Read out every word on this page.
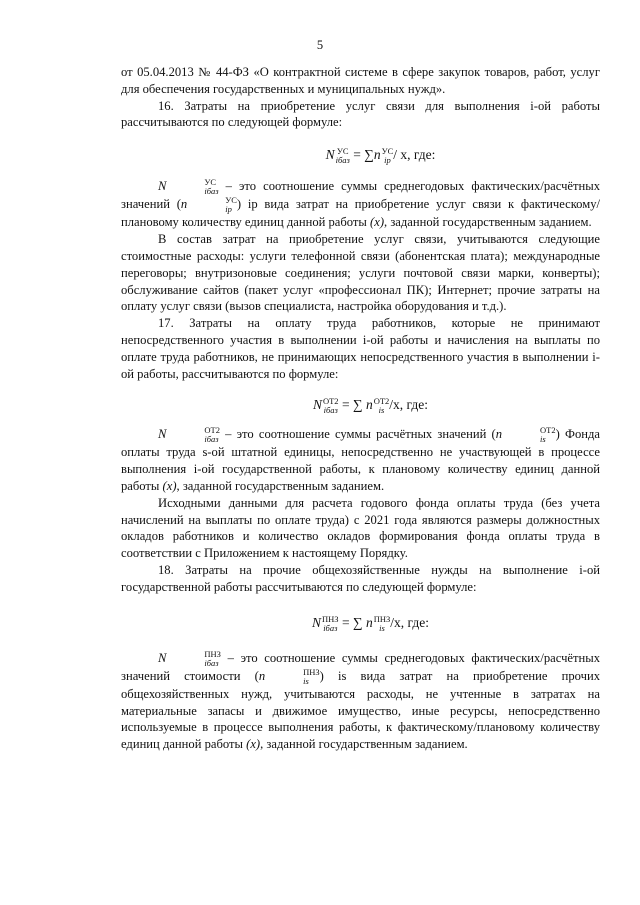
5

от 05.04.2013 № 44-ФЗ «О контрактной системе в сфере закупок товаров, работ, услуг для обеспечения государственных и муниципальных нужд».

16. Затраты на приобретение услуг связи для выполнения i-ой работы рассчитываются по следующей формуле:

N УС
iбаз = ∑n УС
ip / x, где:

N	УС
iбаз – это соотношение суммы среднегодовых фактических/расчётных значений (n	УС
ip ) ip вида затрат на приобретение услуг связи к фактическому/плановому количеству единиц данной работы (x), заданной государственным заданием.

В состав затрат на приобретение услуг связи, учитываются следующие стоимостные расходы: услуги телефонной связи (абонентская плата); международные переговоры; внутризоновые соединения; услуги почтовой связи марки, конверты); обслуживание сайтов (пакет услуг «профессионал ПК); Интернет; прочие затраты на оплату услуг связи (вызов специалиста, настройка оборудования и т.д.).

17. Затраты на оплату труда работников, которые не принимают непосредственного участия в выполнении i-ой работы и начисления на выплаты по оплате труда работников, не принимающих непосредственного участия в выполнении i-ой работы, рассчитываются по формуле:

N ОТ2
iбаз = ∑ n ОТ2
is /x, где:

N	ОТ2
iбаз – это соотношение суммы расчётных значений (n	ОТ2
is ) Фонда оплаты труда s-ой штатной единицы, непосредственно не участвующей в процессе выполнения i-ой государственной работы, к плановому количеству единиц данной работы (x), заданной государственным заданием.

Исходными данными для расчета годового фонда оплаты труда (без учета начислений на выплаты по оплате труда) с 2021 года являются размеры должностных окладов работников и количество окладов формирования фонда оплаты труда в соответствии с Приложением к настоящему Порядку.

18. Затраты на прочие общехозяйственные нужды на выполнение i-ой государственной работы рассчитываются по следующей формуле:

N ПНЗ
iбаз = ∑ n ПНЗ
is /x, где:

N	ПНЗ
iбаз – это соотношение суммы среднегодовых фактических/расчётных значений стоимости (n	ПНЗ
is ) is вида затрат на приобретение прочих общехозяйственных нужд, учитываются расходы, не учтенные в затратах на материальные запасы и движимое имущество, иные ресурсы, непосредственно используемые в процессе выполнения работы, к фактическому/плановому количеству единиц данной работы (x), заданной государственным заданием.
